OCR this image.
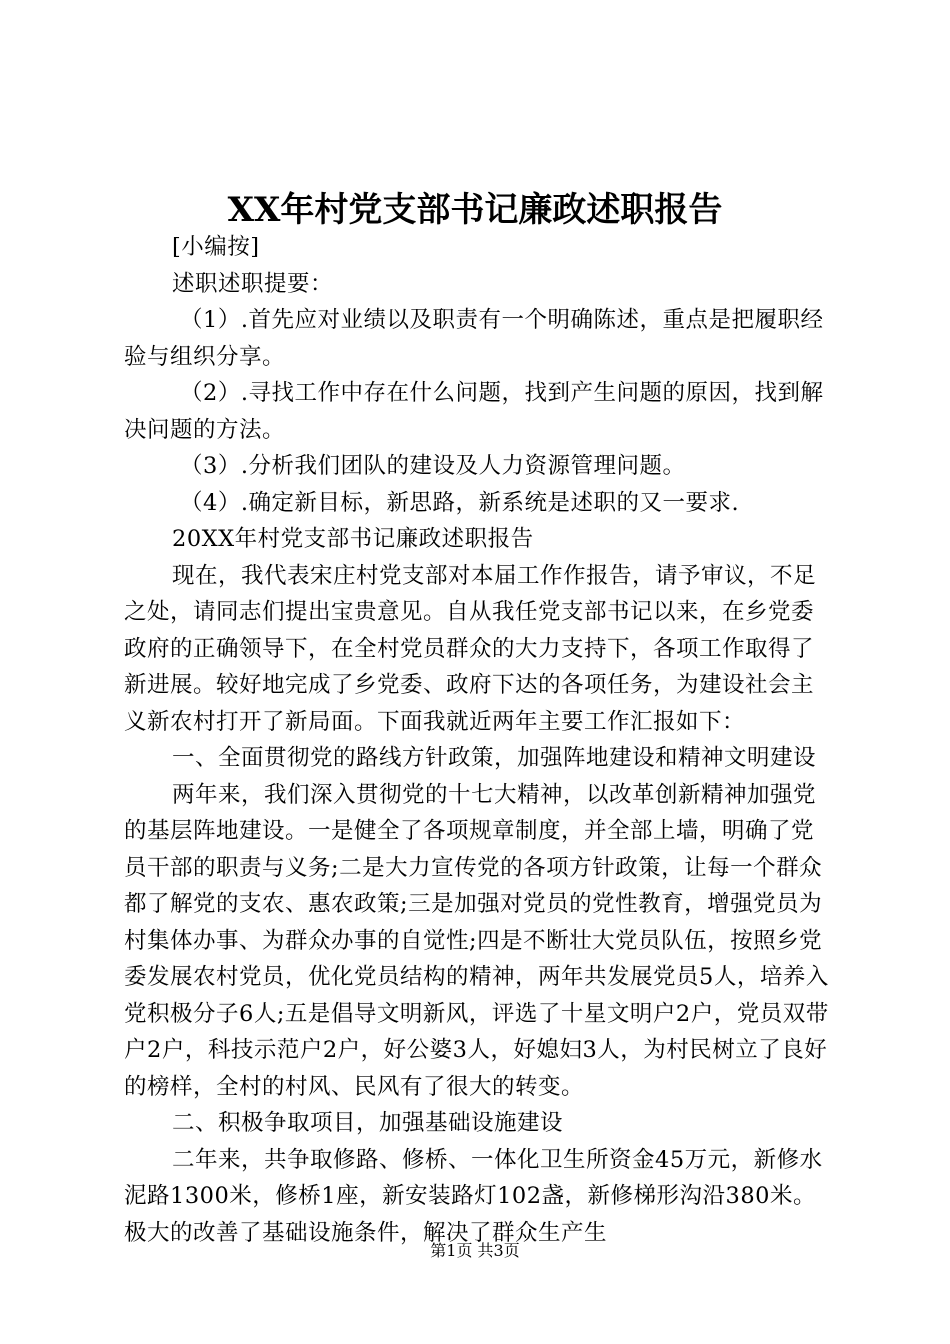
XX年村党支部书记廉政述职报告

[小编按]

述职述职提要：

（1）.首先应对业绩以及职责有一个明确陈述，重点是把履职经验与组织分享。

（2）.寻找工作中存在什么问题，找到产生问题的原因，找到解决问题的方法。

（3）.分析我们团队的建设及人力资源管理问题。

（4）.确定新目标，新思路，新系统是述职的又一要求.

20XX年村党支部书记廉政述职报告

现在，我代表宋庄村党支部对本届工作作报告，请予审议，不足之处，请同志们提出宝贵意见。自从我任党支部书记以来，在乡党委政府的正确领导下，在全村党员群众的大力支持下，各项工作取得了新进展。较好地完成了乡党委、政府下达的各项任务，为建设社会主义新农村打开了新局面。下面我就近两年主要工作汇报如下：

一、全面贯彻党的路线方针政策，加强阵地建设和精神文明建设

两年来，我们深入贯彻党的十七大精神，以改革创新精神加强党的基层阵地建设。一是健全了各项规章制度，并全部上墙，明确了党员干部的职责与义务;二是大力宣传党的各项方针政策，让每一个群众都了解党的支农、惠农政策;三是加强对党员的党性教育，增强党员为村集体办事、为群众办事的自觉性;四是不断壮大党员队伍，按照乡党委发展农村党员，优化党员结构的精神，两年共发展党员5人，培养入党积极分子6人;五是倡导文明新风，评选了十星文明户2户，党员双带户2户，科技示范户2户，好公婆3人，好媳妇3人，为村民树立了良好的榜样，全村的村风、民风有了很大的转变。

二、积极争取项目，加强基础设施建设

二年来，共争取修路、修桥、一体化卫生所资金45万元，新修水泥路1300米，修桥1座，新安装路灯102盏，新修梯形沟沿380米。极大的改善了基础设施条件，解决了群众生产生

第1页 共3页
